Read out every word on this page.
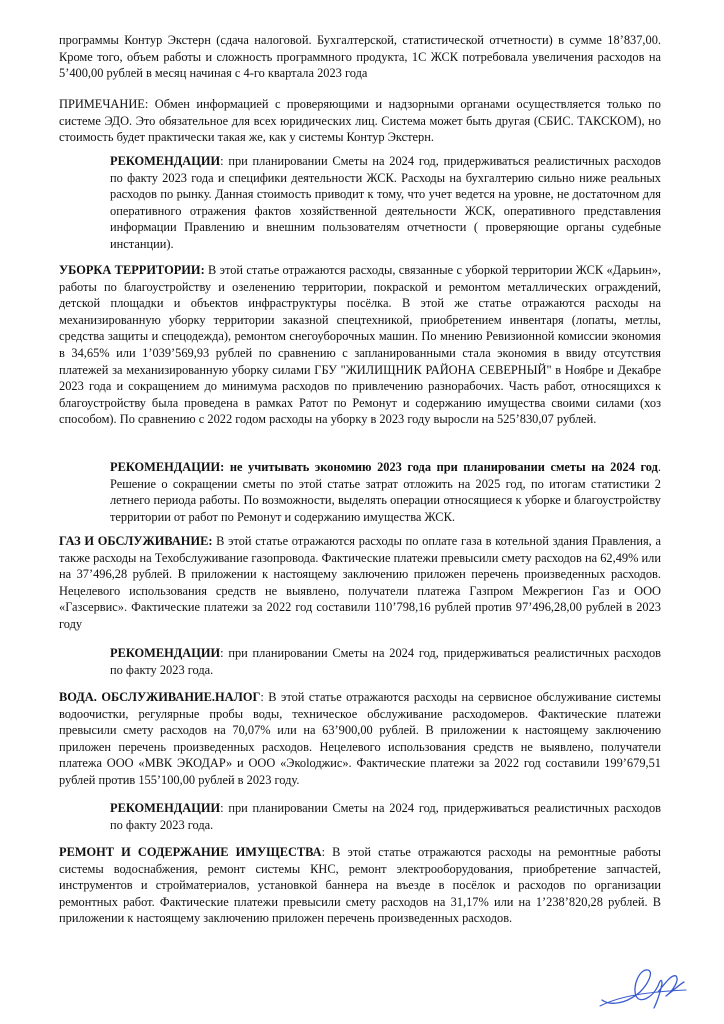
программы Контур Экстерн (сдача налоговой. Бухгалтерской, статистической отчетности) в сумме 18’837,00. Кроме того, объем работы и сложность программного продукта, 1С ЖСК потребовала увеличения расходов на 5’400,00 рублей в месяц начиная с 4-го квартала 2023 года

ПРИМЕЧАНИЕ: Обмен информацией с проверяющими и надзорными органами осуществляется только по системе ЭДО. Это обязательное для всех юридических лиц. Система может быть другая (СБИС. ТАКСКОМ), но стоимость будет практически такая же, как у системы Контур Экстерн.

РЕКОМЕНДАЦИИ: при планировании Сметы на 2024 год, придерживаться реалистичных расходов по факту 2023 года и специфики деятельности ЖСК. Расходы на бухгалтерию сильно ниже реальных расходов по рынку. Данная стоимость приводит к тому, что учет ведется на уровне, не достаточном для оперативного отражения фактов хозяйственной деятельности ЖСК, оперативного представления информации Правлению и внешним пользователям отчетности ( проверяющие органы судебные инстанции).

УБОРКА ТЕРРИТОРИИ: В этой статье отражаются расходы, связанные с уборкой территории ЖСК «Дарьин», работы по благоустройству и озеленению территории, покраской и ремонтом металлических ограждений, детской площадки и объектов инфраструктуры посёлка. В этой же статье отражаются расходы на механизированную уборку территории заказной спецтехникой, приобретением инвентаря (лопаты, метлы, средства защиты и спецодежда), ремонтом снегоуборочных машин. По мнению Ревизионной комиссии экономия в 34,65% или 1’039’569,93 рублей по сравнению с запланированными стала экономия в ввиду отсутствия платежей за механизированную уборку силами ГБУ "ЖИЛИЩНИК РАЙОНА СЕВЕРНЫЙ" в Ноябре и Декабре 2023 года и сокращением до минимума расходов по привлечению разнорабочих. Часть работ, относящихся к благоустройству была проведена в рамках Ратот по Ремонут и содержанию имущества своими силами (хоз способом). По сравнению с 2022 годом расходы на уборку в 2023 году выросли на 525’830,07 рублей.

РЕКОМЕНДАЦИИ: не учитывать экономию 2023 года при планировании сметы на 2024 год. Решение о сокращении сметы по этой статье затрат отложить на 2025 год, по итогам статистики 2 летнего периода работы. По возможности, выделять операции относящиеся к уборке и благоустройству территории от работ по Ремонут и содержанию имущества ЖСК.

ГАЗ И ОБСЛУЖИВАНИЕ: В этой статье отражаются расходы по оплате газа в котельной здания Правления, а также расходы на Техобслуживание газопровода. Фактические платежи превысили смету расходов на 62,49% или на 37’496,28 рублей. В приложении к настоящему заключению приложен перечень произведенных расходов. Нецелевого использования средств не выявлено, получатели платежа Газпром Межрегион Газ и ООО «Газсервис». Фактические платежи за 2022 год составили 110’798,16 рублей против 97’496,28,00 рублей в 2023 году

РЕКОМЕНДАЦИИ: при планировании Сметы на 2024 год, придерживаться реалистичных расходов по факту 2023 года.

ВОДА. ОБСЛУЖИВАНИЕ.НАЛОГ: В этой статье отражаются расходы на сервисное обслуживание системы водоочистки, регулярные пробы воды, техническое обслуживание расходомеров. Фактические платежи превысили смету расходов на 70,07% или на 63’900,00 рублей. В приложении к настоящему заключению приложен перечень произведенных расходов. Нецелевого использования средств не выявлено, получатели платежа ООО «МВК ЭКОДАР» и ООО «Экоlоджис». Фактические платежи за 2022 год составили 199’679,51 рублей против 155’100,00 рублей в 2023 году.

РЕКОМЕНДАЦИИ: при планировании Сметы на 2024 год, придерживаться реалистичных расходов по факту 2023 года.

РЕМОНТ И СОДЕРЖАНИЕ ИМУЩЕСТВА: В этой статье отражаются расходы на ремонтные работы системы водоснабжения, ремонт системы КНС, ремонт электрооборудования, приобретение запчастей, инструментов и стройматериалов, установкой баннера на въезде в посёлок и расходов по организации ремонтных работ. Фактические платежи превысили смету расходов на 31,17% или на 1’238’820,28 рублей. В приложении к настоящему заключению приложен перечень произведенных расходов.
